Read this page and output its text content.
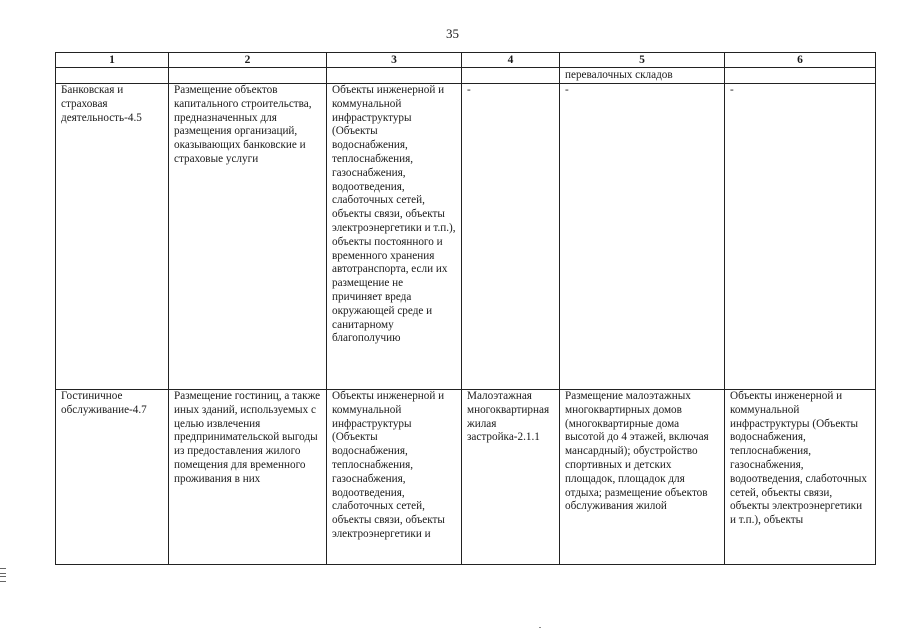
35
1	2	3	4	5	6
				перевалочных складов	
Банковская и страховая деятельность-4.5	Размещение объектов капитального строительства, предназначенных для размещения организаций, оказывающих банковские и страховые услуги	Объекты инженерной и коммунальной инфраструктуры (Объекты водоснабжения, теплоснабжения, газоснабжения, водоотведения, слаботочных сетей, объекты связи, объекты электроэнергетики и т.п.), объекты постоянного и временного хранения автотранспорта, если их размещение не причиняет вреда окружающей среде и санитарному благополучию	-	-	-
Гостиничное обслуживание-4.7	Размещение гостиниц, а также иных зданий, используемых с целью извлечения предпринимательской выгоды из предоставления жилого помещения для временного проживания в них	Объекты инженерной и коммунальной инфраструктуры (Объекты водоснабжения, теплоснабжения, газоснабжения, водоотведения, слаботочных сетей, объекты связи, объекты электроэнергетики и	Малоэтажная многоквартирная жилая застройка-2.1.1	Размещение малоэтажных многоквартирных домов (многоквартирные дома высотой до 4 этажей, включая мансардный); обустройство спортивных и детских площадок, площадок для отдыха; размещение объектов обслуживания жилой	Объекты инженерной и коммунальной инфраструктуры (Объекты водоснабжения, теплоснабжения, газоснабжения, водоотведения, слаботочных сетей, объекты связи, объекты электроэнергетики и т.п.), объекты
